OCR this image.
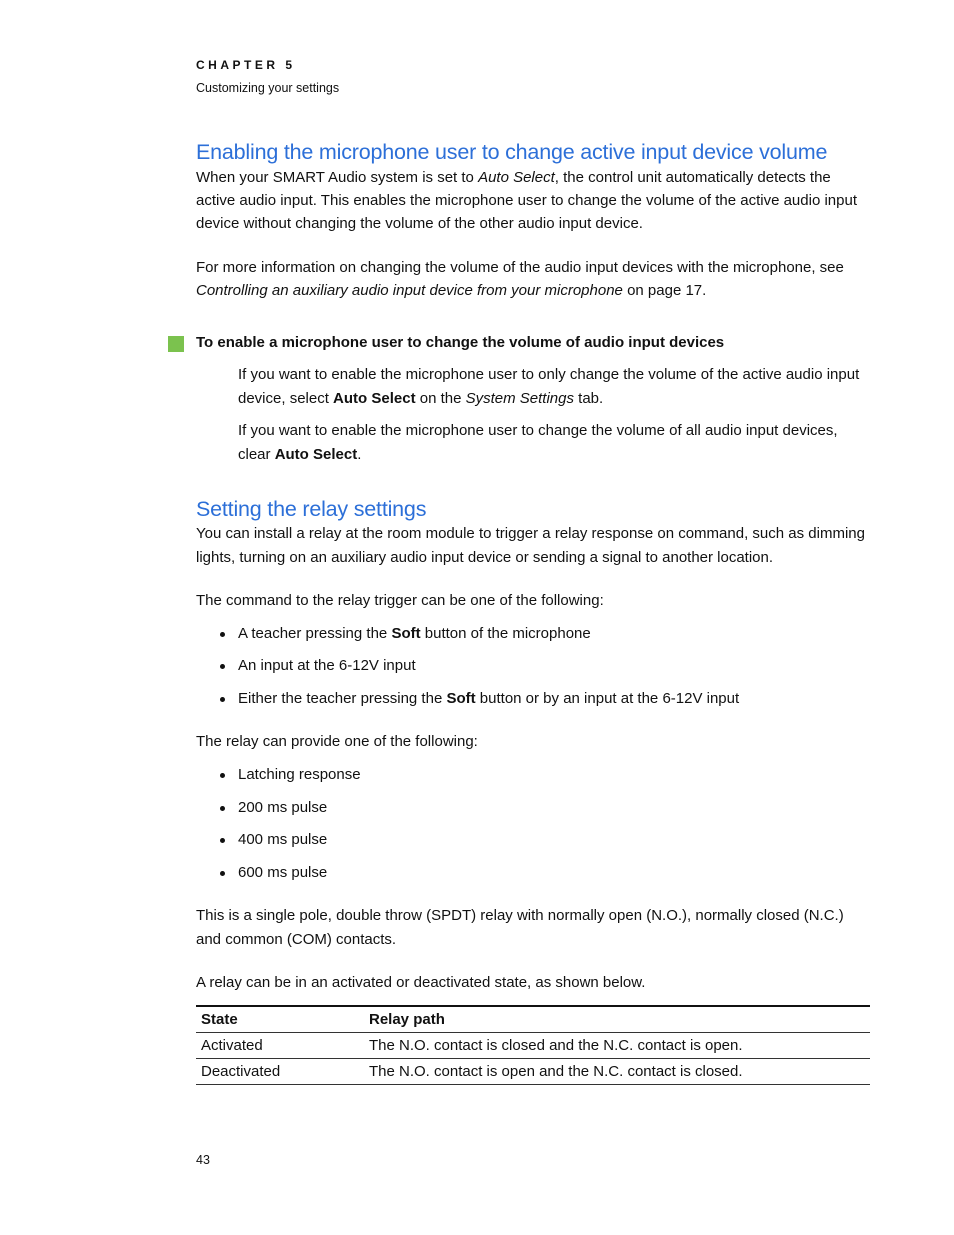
CHAPTER 5
Customizing your settings
Enabling the microphone user to change active input device volume

When your SMART Audio system is set to Auto Select, the control unit automatically detects the active audio input. This enables the microphone user to change the volume of the active audio input device without changing the volume of the other audio input device.

For more information on changing the volume of the audio input devices with the microphone, see Controlling an auxiliary audio input device from your microphone on page 17.

To enable a microphone user to change the volume of audio input devices

If you want to enable the microphone user to only change the volume of the active audio input device, select Auto Select on the System Settings tab.

If you want to enable the microphone user to change the volume of all audio input devices, clear Auto Select.

Setting the relay settings

You can install a relay at the room module to trigger a relay response on command, such as dimming lights, turning on an auxiliary audio input device or sending a signal to another location.

The command to the relay trigger can be one of the following:

A teacher pressing the Soft button of the microphone
An input at the 6-12V input
Either the teacher pressing the Soft button or by an input at the 6-12V input

The relay can provide one of the following:

Latching response
200 ms pulse
400 ms pulse
600 ms pulse

This is a single pole, double throw (SPDT) relay with normally open (N.O.), normally closed (N.C.) and common (COM) contacts.

A relay can be in an activated or deactivated state, as shown below.

State	Relay path
Activated	The N.O. contact is closed and the N.C. contact is open.
Deactivated	The N.O. contact is open and the N.C. contact is closed.
43
